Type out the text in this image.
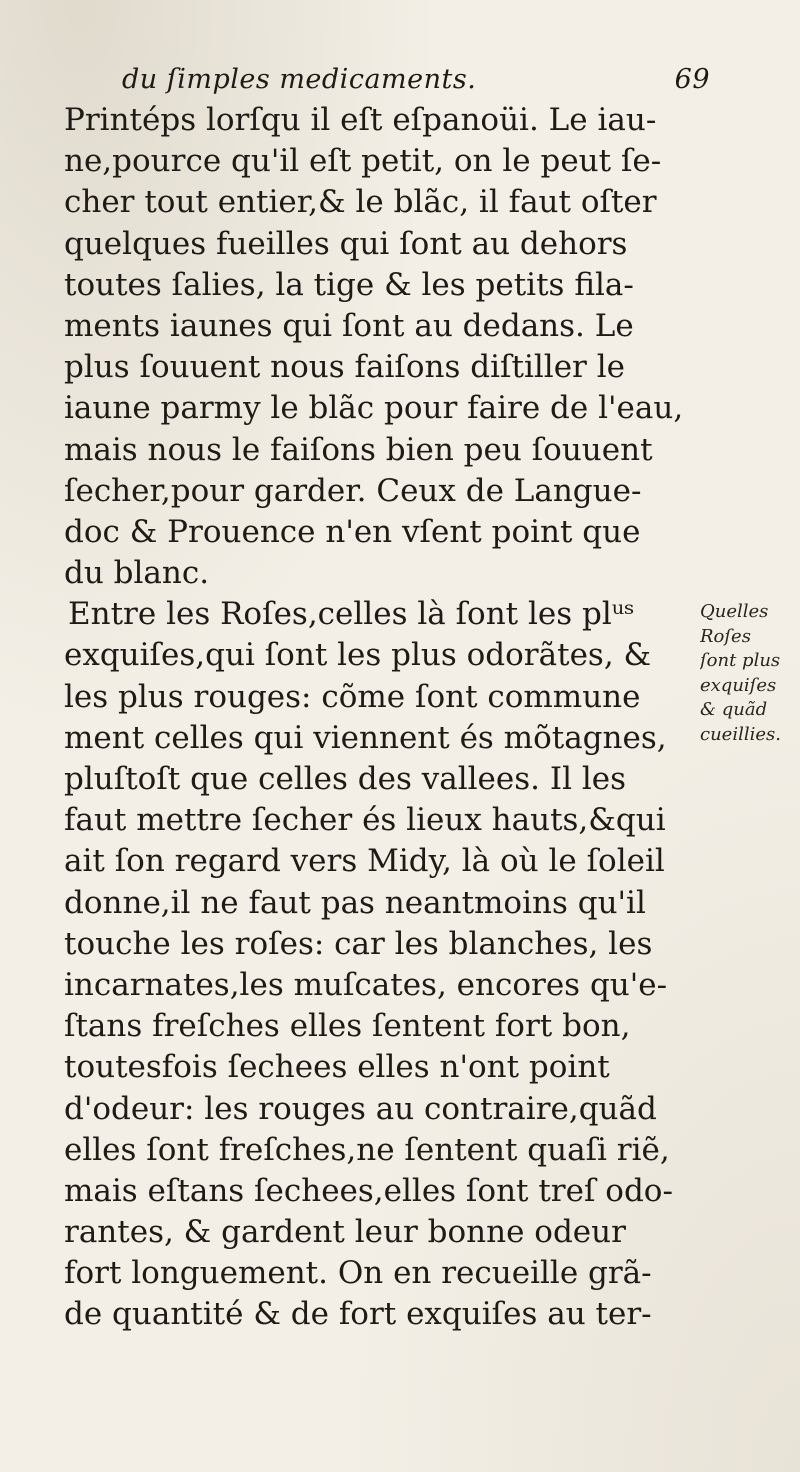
du ſimples medicaments.	69
Printéps lorſqu il eſt eſpanoüi. Le iau-
ne,pource qu'il eſt petit, on le peut ſe-
cher tout entier,& le blãc, il faut oſter
quelques fueilles qui ſont au dehors
toutes ſalies, la tige & les petits fila-
ments iaunes qui ſont au dedans. Le
plus ſouuent nous faiſons diſtiller le
iaune parmy le blãc pour faire de l'eau,
mais nous le faiſons bien peu ſouuent
ſecher,pour garder. Ceux de Langue-
doc & Prouence n'en vſent point que
du blanc.
Entre les Roſes,celles là ſont les plᵘˢ
exquiſes,qui ſont les plus odorãtes, &
les plus rouges: cõme ſont commune
ment celles qui viennent és mõtagnes,
pluſtoſt que celles des vallees. Il les
faut mettre ſecher és lieux hauts,&qui
ait ſon regard vers Midy, là où le ſoleil
donne,il ne faut pas neantmoins qu'il
touche les roſes: car les blanches, les
incarnates,les muſcates, encores qu'e-
ſtans freſches elles ſentent fort bon,
toutesfois ſechees elles n'ont point
d'odeur: les rouges au contraire,quãd
elles ſont freſches,ne ſentent quaſi riẽ,
mais eſtans ſechees,elles ſont treſ odo-
rantes, & gardent leur bonne odeur
fort longuement. On en recueille grã-
de quantité & de fort exquiſes au ter-
Quelles
Roſes
ſont plus
exquiſes
& quãd
cueillies.
